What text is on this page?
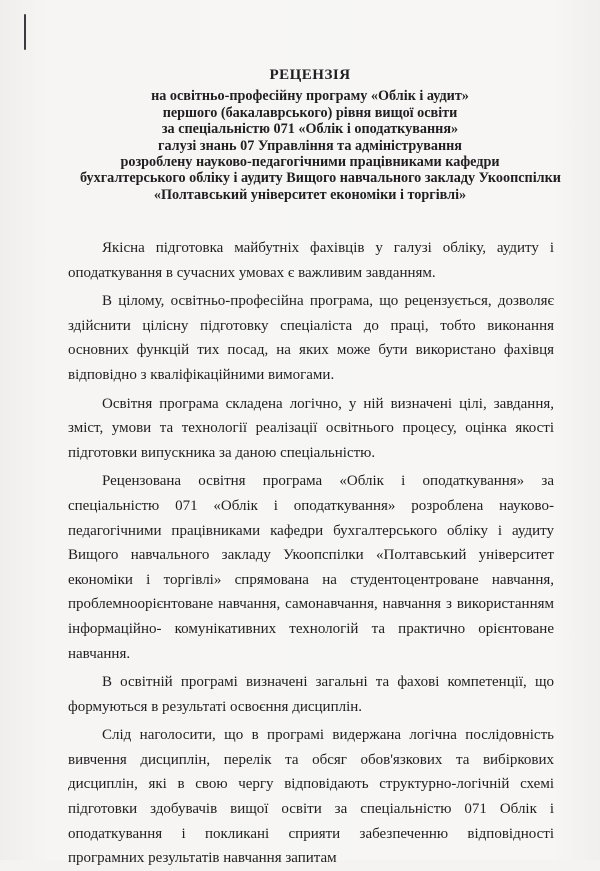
РЕЦЕНЗІЯ
на освітньо-професійну програму «Облік і аудит»
першого (бакалаврського) рівня вищої освіти
за спеціальністю 071 «Облік і оподаткування»
галузі знань 07 Управління та адміністрування
розроблену науково-педагогічними працівниками кафедри
бухгалтерського обліку і аудиту Вищого навчального закладу Укоопспілки
«Полтавський університет економіки і торгівлі»

Якісна підготовка майбутніх фахівців у галузі обліку, аудиту і оподаткування в сучасних умовах є важливим завданням.

В цілому, освітньо-професійна програма, що рецензується, дозволяє здійснити цілісну підготовку спеціаліста до праці, тобто виконання основних функцій тих посад, на яких може бути використано фахівця відповідно з кваліфікаційними вимогами.

Освітня програма складена логічно, у ній визначені цілі, завдання, зміст, умови та технології реалізації освітнього процесу, оцінка якості підготовки випускника за даною спеціальністю.

Рецензована освітня програма «Облік і оподаткування» за спеціальністю 071 «Облік і оподаткування» розроблена науково-педагогічними працівниками кафедри бухгалтерського обліку і аудиту Вищого навчального закладу Укоопспілки «Полтавський університет економіки і торгівлі» спрямована на студентоцентроване навчання, проблемноорієнтоване навчання, самонавчання, навчання з використанням інформаційно- комунікативних технологій та практично орієнтоване навчання.

В освітній програмі визначені загальні та фахові компетенції, що формуються в результаті освоєння дисциплін.

Слід наголосити, що в програмі видержана логічна послідовність вивчення дисциплін, перелік та обсяг обов'язкових та вибіркових дисциплін, які в свою чергу відповідають структурно-логічній схемі підготовки здобувачів вищої освіти за спеціальністю 071 Облік і оподаткування і покликані сприяти забезпеченню відповідності програмних результатів навчання запитам
